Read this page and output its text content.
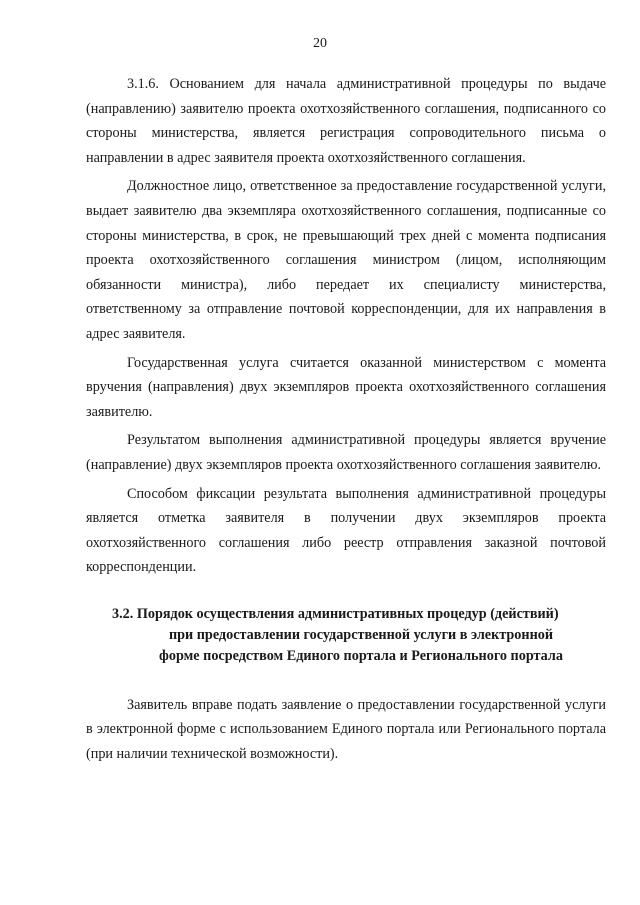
20

3.1.6. Основанием для начала административной процедуры по выдаче (направлению) заявителю проекта охотхозяйственного соглашения, подписанного со стороны министерства, является регистрация сопроводительного письма о направлении в адрес заявителя проекта охотхозяйственного соглашения.

Должностное лицо, ответственное за предоставление государственной услуги, выдает заявителю два экземпляра охотхозяйственного соглашения, подписанные со стороны министерства, в срок, не превышающий трех дней с момента подписания проекта охотхозяйственного соглашения министром (лицом, исполняющим обязанности министра), либо передает их специалисту министерства, ответственному за отправление почтовой корреспонденции, для их направления в адрес заявителя.

Государственная услуга считается оказанной министерством с момента вручения (направления) двух экземпляров проекта охотхозяйственного соглашения заявителю.

Результатом выполнения административной процедуры является вручение (направление) двух экземпляров проекта охотхозяйственного соглашения заявителю.

Способом фиксации результата выполнения административной процедуры является отметка заявителя в получении двух экземпляров проекта охотхозяйственного соглашения либо реестр отправления заказной почтовой корреспонденции.

3.2. Порядок осуществления административных процедур (действий)
при предоставлении государственной услуги в электронной
форме посредством Единого портала и Регионального портала

Заявитель вправе подать заявление о предоставлении государственной услуги в электронной форме с использованием Единого портала или Регионального портала (при наличии технической возможности).
